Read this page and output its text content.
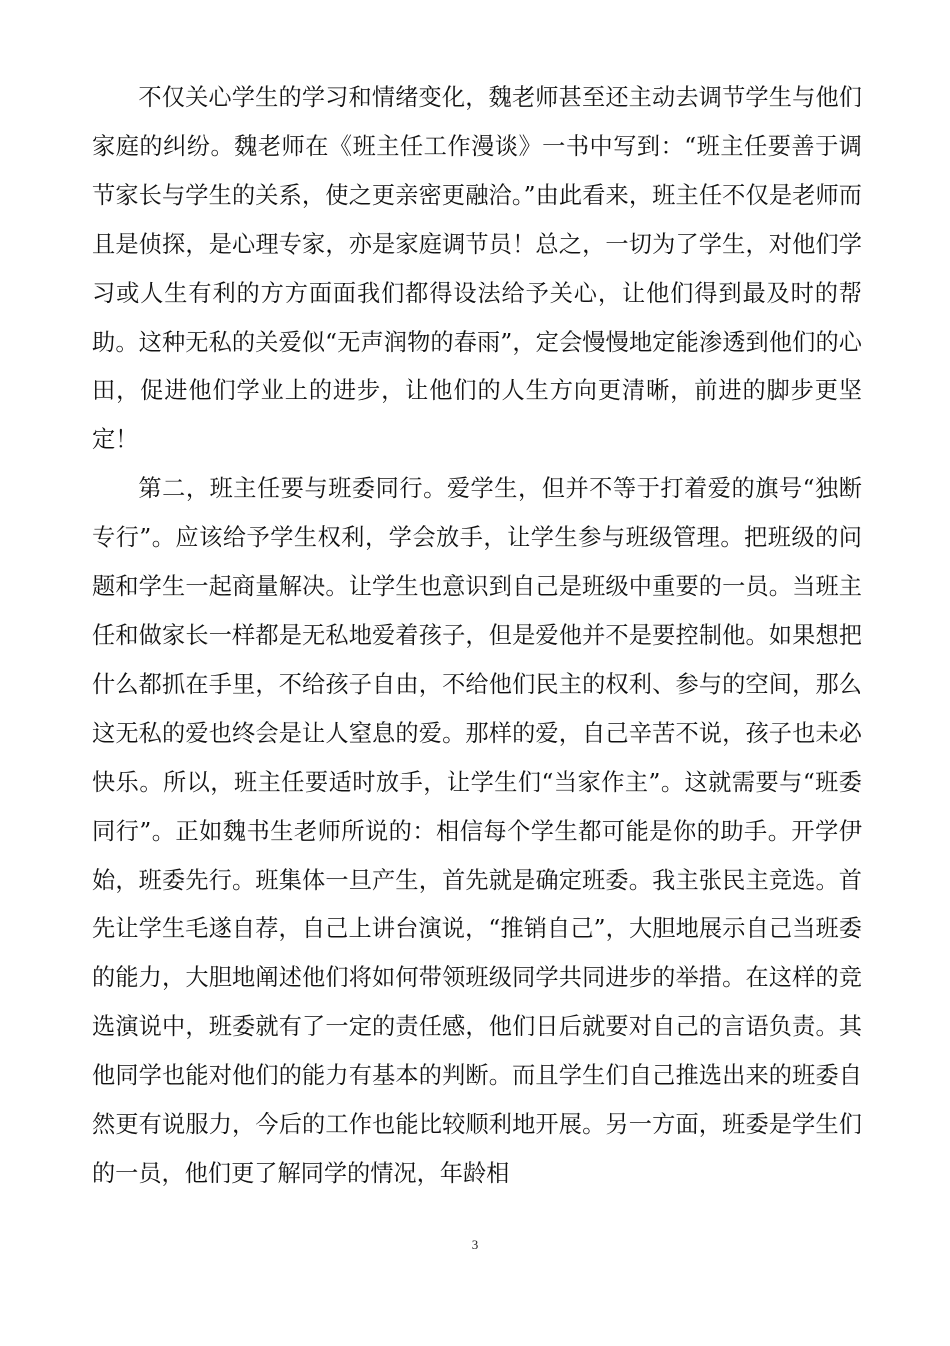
不仅关心学生的学习和情绪变化，魏老师甚至还主动去调节学生与他们家庭的纠纷。魏老师在《班主任工作漫谈》一书中写到：“班主任要善于调节家长与学生的关系，使之更亲密更融洽。”由此看来，班主任不仅是老师而且是侦探，是心理专家，亦是家庭调节员！总之，一切为了学生，对他们学习或人生有利的方方面面我们都得设法给予关心，让他们得到最及时的帮助。这种无私的关爱似“无声润物的春雨”，定会慢慢地定能渗透到他们的心田，促进他们学业上的进步，让他们的人生方向更清晰，前进的脚步更坚定！

第二，班主任要与班委同行。爱学生，但并不等于打着爱的旗号“独断专行”。应该给予学生权利，学会放手，让学生参与班级管理。把班级的问题和学生一起商量解决。让学生也意识到自己是班级中重要的一员。当班主任和做家长一样都是无私地爱着孩子，但是爱他并不是要控制他。如果想把什么都抓在手里，不给孩子自由，不给他们民主的权利、参与的空间，那么这无私的爱也终会是让人窒息的爱。那样的爱，自己辛苦不说，孩子也未必快乐。所以，班主任要适时放手，让学生们“当家作主”。这就需要与“班委同行”。正如魏书生老师所说的：相信每个学生都可能是你的助手。开学伊始，班委先行。班集体一旦产生，首先就是确定班委。我主张民主竞选。首先让学生毛遂自荐，自己上讲台演说，“推销自己”，大胆地展示自己当班委的能力，大胆地阐述他们将如何带领班级同学共同进步的举措。在这样的竞选演说中，班委就有了一定的责任感，他们日后就要对自己的言语负责。其他同学也能对他们的能力有基本的判断。而且学生们自己推选出来的班委自然更有说服力，今后的工作也能比较顺利地开展。另一方面，班委是学生们的一员，他们更了解同学的情况，年龄相

3
